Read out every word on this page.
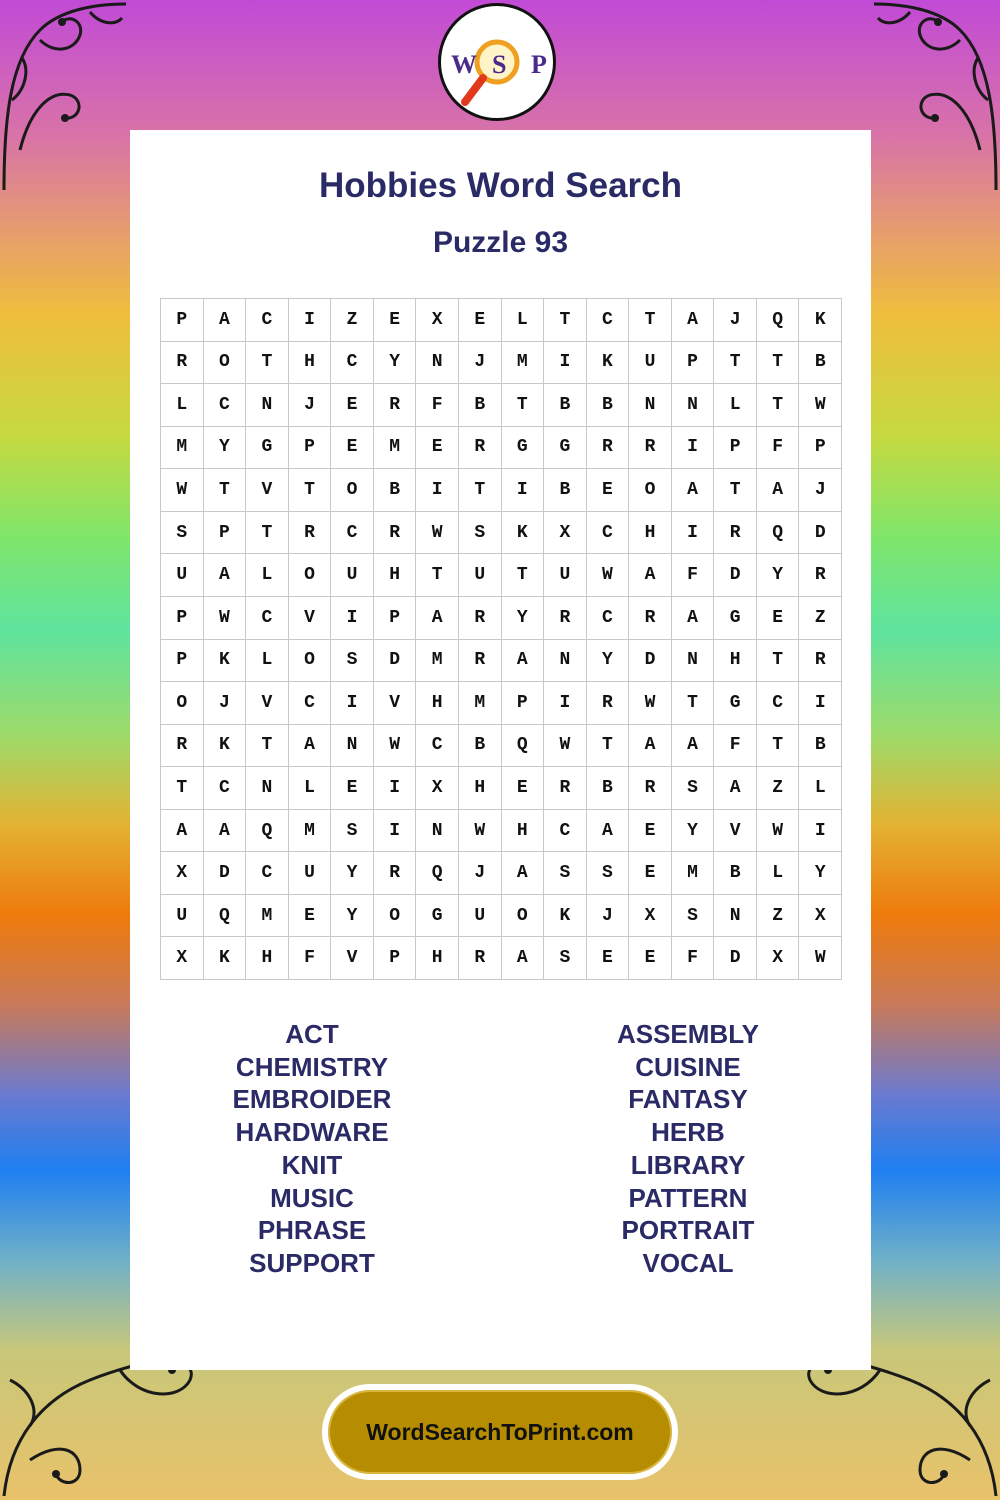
W S P
Hobbies Word Search
Puzzle 93
P	A	C	I	Z	E	X	E	L	T	C	T	A	J	Q	K
R	O	T	H	C	Y	N	J	M	I	K	U	P	T	T	B
L	C	N	J	E	R	F	B	T	B	B	N	N	L	T	W
M	Y	G	P	E	M	E	R	G	G	R	R	I	P	F	P
W	T	V	T	O	B	I	T	I	B	E	O	A	T	A	J
S	P	T	R	C	R	W	S	K	X	C	H	I	R	Q	D
U	A	L	O	U	H	T	U	T	U	W	A	F	D	Y	R
P	W	C	V	I	P	A	R	Y	R	C	R	A	G	E	Z
P	K	L	O	S	D	M	R	A	N	Y	D	N	H	T	R
O	J	V	C	I	V	H	M	P	I	R	W	T	G	C	I
R	K	T	A	N	W	C	B	Q	W	T	A	A	F	T	B
T	C	N	L	E	I	X	H	E	R	B	R	S	A	Z	L
A	A	Q	M	S	I	N	W	H	C	A	E	Y	V	W	I
X	D	C	U	Y	R	Q	J	A	S	S	E	M	B	L	Y
U	Q	M	E	Y	O	G	U	O	K	J	X	S	N	Z	X
X	K	H	F	V	P	H	R	A	S	E	E	F	D	X	W
ACT
CHEMISTRY
EMBROIDER
HARDWARE
KNIT
MUSIC
PHRASE
SUPPORT
ASSEMBLY
CUISINE
FANTASY
HERB
LIBRARY
PATTERN
PORTRAIT
VOCAL
WordSearchToPrint.com
